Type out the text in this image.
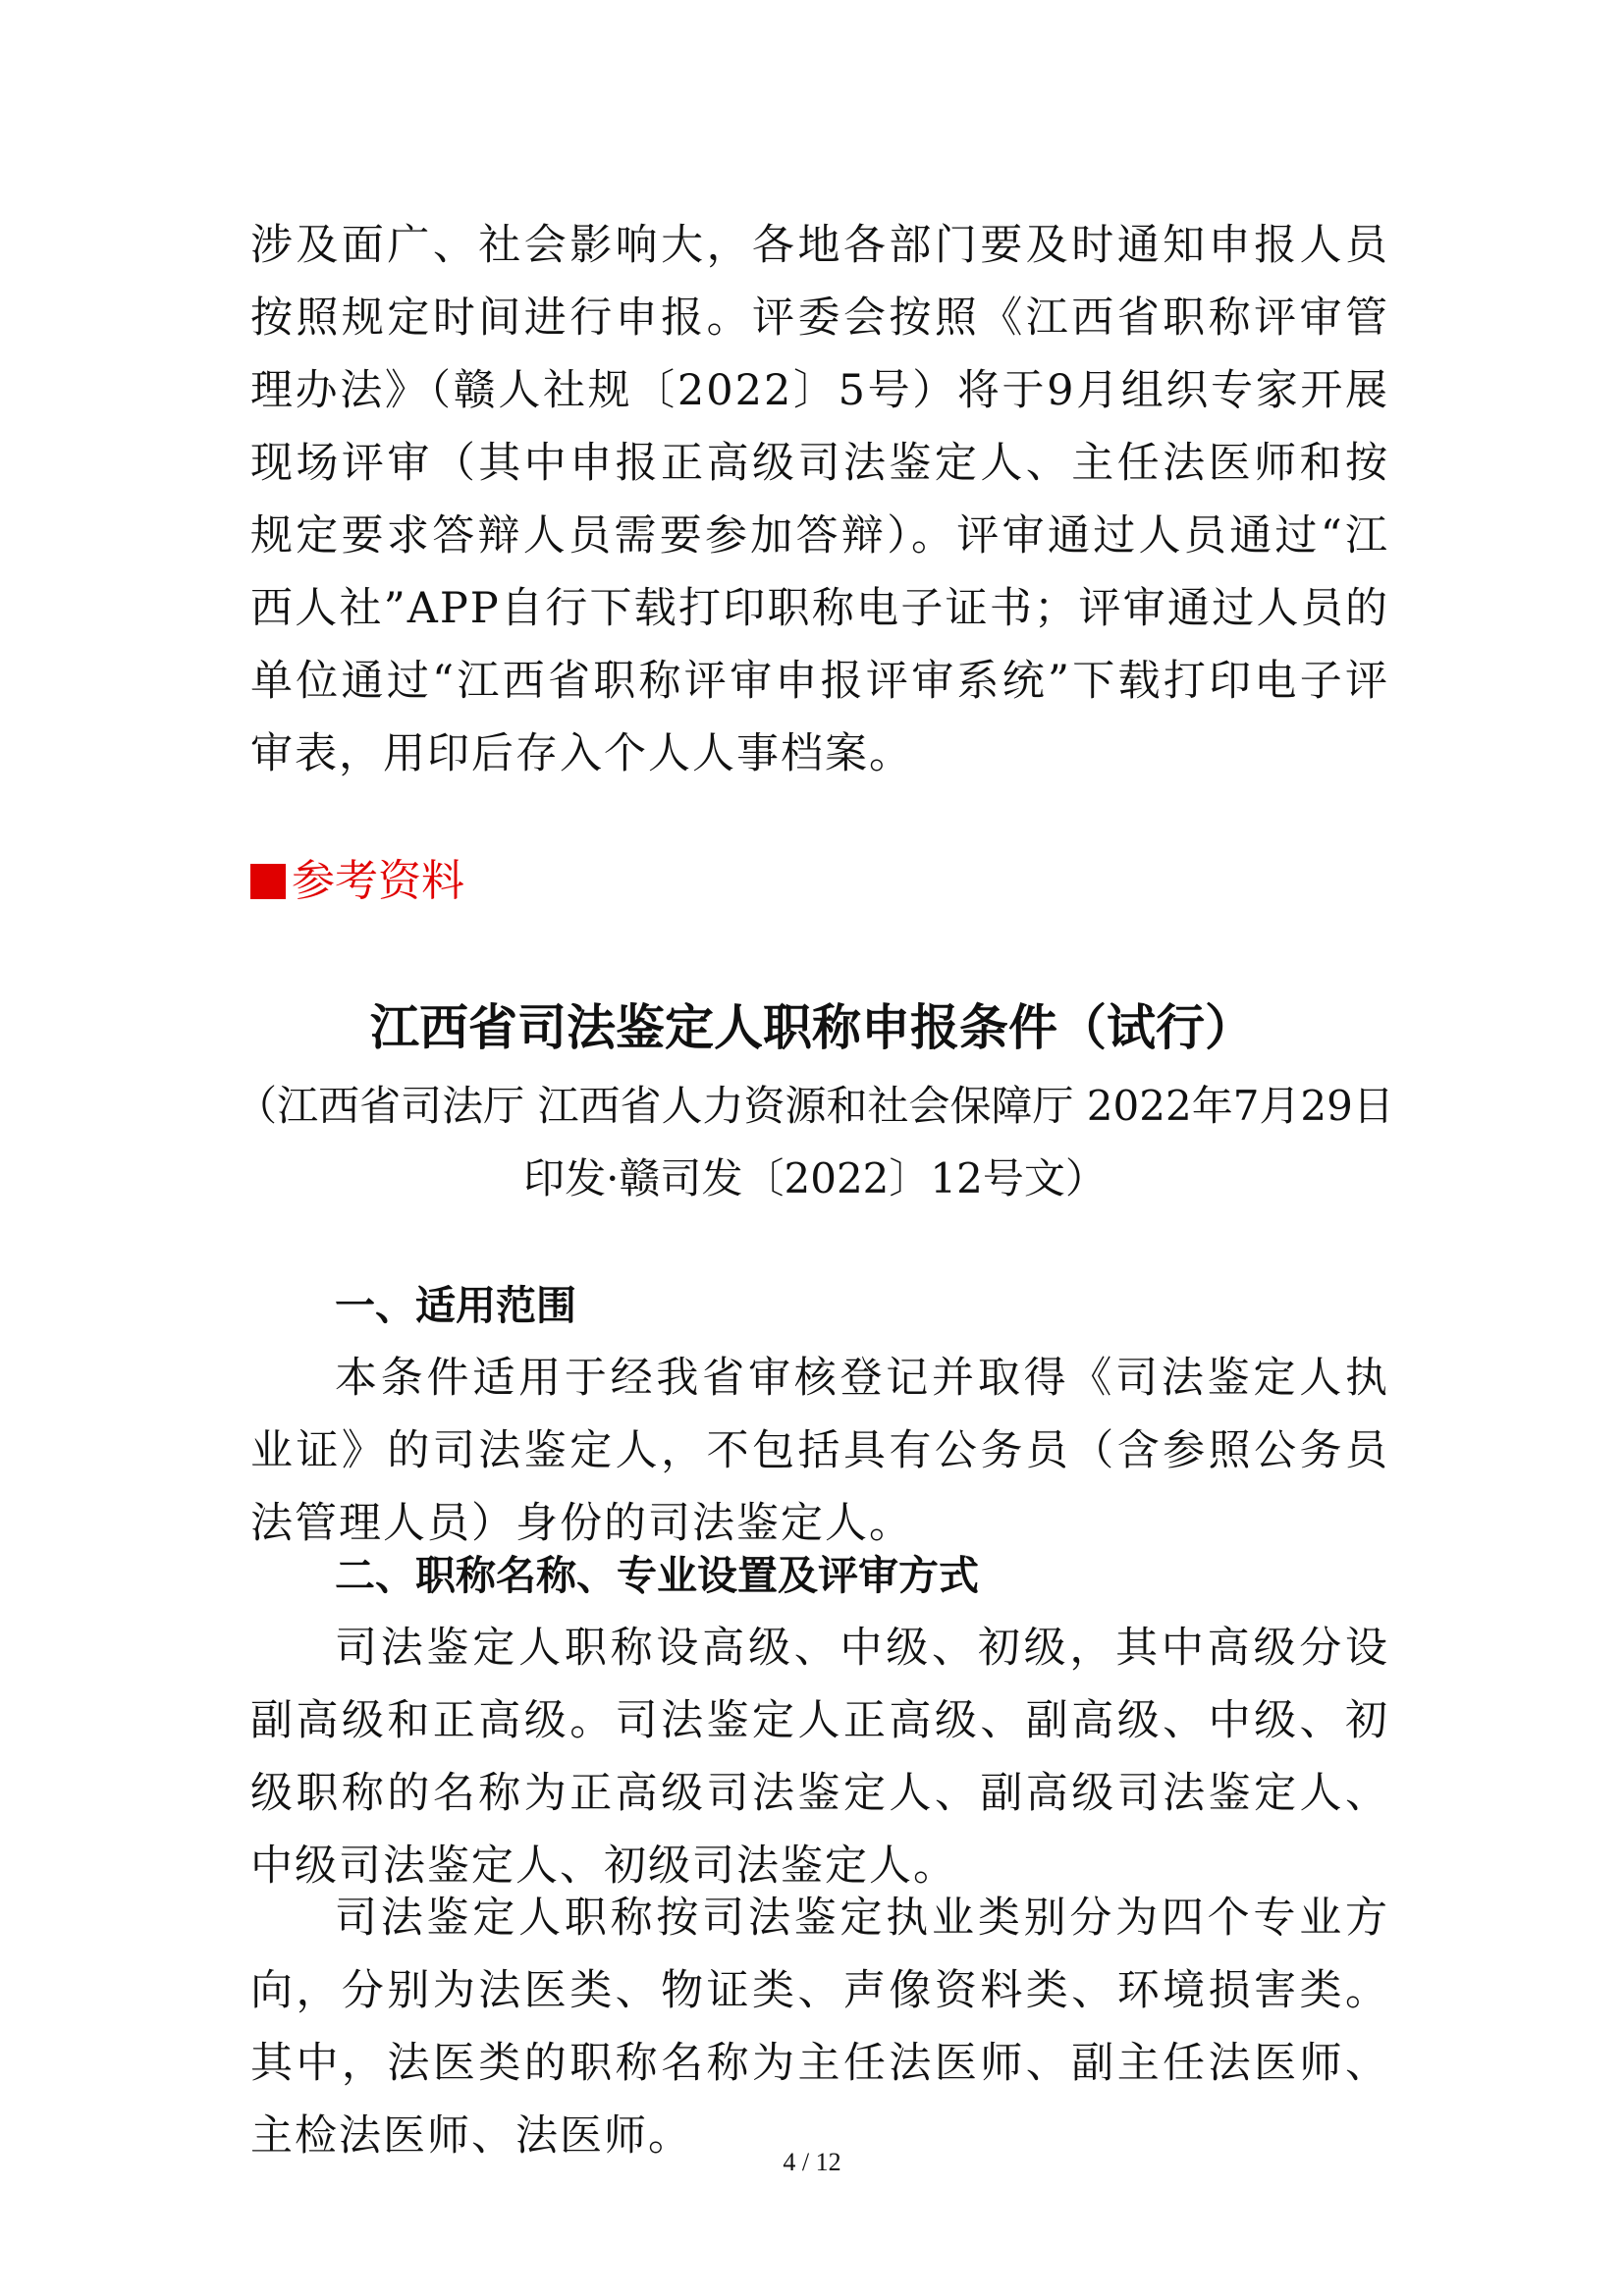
涉及面广、社会影响大，各地各部门要及时通知申报人员按照规定时间进行申报。评委会按照《江西省职称评审管理办法》（赣人社规〔2022〕5号）将于9月组织专家开展现场评审（其中申报正高级司法鉴定人、主任法医师和按规定要求答辩人员需要参加答辩）。评审通过人员通过“江西人社”APP自行下载打印职称电子证书；评审通过人员的单位通过“江西省职称评审申报评审系统”下载打印电子评审表，用印后存入个人人事档案。

参考资料
江西省司法鉴定人职称申报条件（试行）

（江西省司法厅 江西省人力资源和社会保障厅 2022年7月29日印发·赣司发〔2022〕12号文）

一、适用范围

本条件适用于经我省审核登记并取得《司法鉴定人执业证》的司法鉴定人，不包括具有公务员（含参照公务员法管理人员）身份的司法鉴定人。

二、职称名称、专业设置及评审方式

司法鉴定人职称设高级、中级、初级，其中高级分设副高级和正高级。司法鉴定人正高级、副高级、中级、初级职称的名称为正高级司法鉴定人、副高级司法鉴定人、中级司法鉴定人、初级司法鉴定人。

司法鉴定人职称按司法鉴定执业类别分为四个专业方向，分别为法医类、物证类、声像资料类、环境损害类。其中，法医类的职称名称为主任法医师、副主任法医师、主检法医师、法医师。

4 / 12
